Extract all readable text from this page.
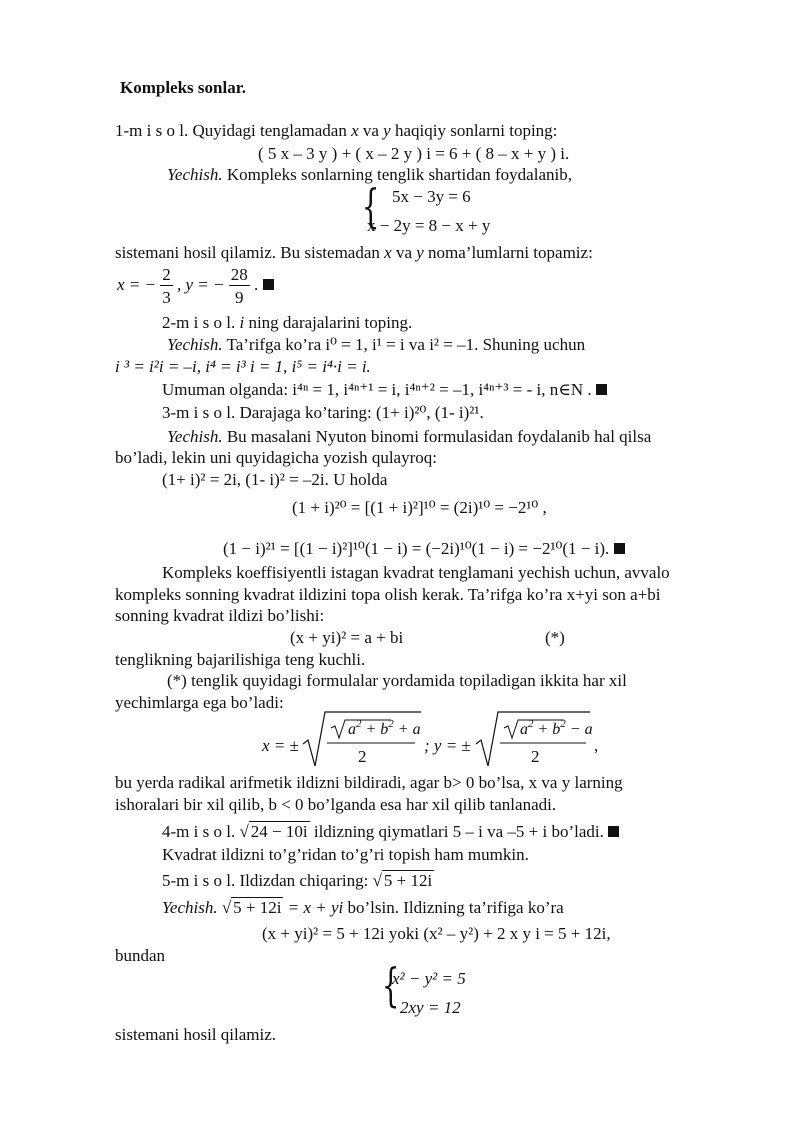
Kompleks sonlar.
1-m i s o l. Quyidagi tenglamadan x va y haqiqiy sonlarni toping:
( 5 x – 3 y ) + ( x – 2 y ) i = 6 + ( 8 – x + y ) i.
Yechish. Kompleks sonlarning tenglik shartidan foydalanib,
{ 5x − 3y = 6
x − 2y = 8 − x + y
sistemani hosil qilamiz. Bu sistemadan x va y noma’lumlarni topamiz:
x = − $\frac{2}{3}$ , y = − $\frac{28}{9}$ .
2-m i s o l. i ning darajalarini toping.
Yechish. Ta’rifga ko’ra i⁰ = 1, i¹ = i va i² = –1. Shuning uchun
i ³ = i²i = –i, i⁴ = i³ i = 1, i⁵ = i⁴·i = i.
Umuman olganda: i⁴ⁿ = 1, i⁴ⁿ⁺¹ = i, i⁴ⁿ⁺² = –1, i⁴ⁿ⁺³ = - i, n∈N .
3-m i s o l. Darajaga ko’taring: (1+ i)²⁰, (1- i)²¹.
Yechish. Bu masalani Nyuton binomi formulasidan foydalanib hal qilsa
bo’ladi, lekin uni quyidagicha yozish qulayroq:
(1+ i)² = 2i, (1- i)² = –2i. U holda
(1 + i)²⁰ = [(1 + i)²]¹⁰ = (2i)¹⁰ = −2¹⁰ ,
(1 − i)²¹ = [(1 − i)²]¹⁰(1 − i) = (−2i)¹⁰(1 − i) = −2¹⁰(1 − i).
Kompleks koeffisiyentli istagan kvadrat tenglamani yechish uchun, avvalo
kompleks sonning kvadrat ildizini topa olish kerak. Ta’rifga ko’ra x+yi son a+bi
sonning kvadrat ildizi bo’lishi:
(x + yi)² = a + bi	(*)
tenglikning bajarilishiga teng kuchli.
(*) tenglik quyidagi formulalar yordamida topiladigan ikkita har xil
yechimlarga ega bo’ladi:
x = ±
$a^2 + b^2 + a$
2
; y = ±
$a^2 + b^2 - a$
2
,
bu yerda radikal arifmetik ildizni bildiradi, agar b> 0 bo’lsa, x va y larning
ishoralari bir xil qilib, b < 0 bo’lganda esa har xil qilib tanlanadi.
4-m i s o l. √ 24 − 10i ildizning qiymatlari 5 – i va –5 + i bo’ladi.
Kvadrat ildizni to’g’ridan to’g’ri topish ham mumkin.
5-m i s o l. Ildizdan chiqaring: √ 5 + 12i
Yechish. √ 5 + 12i = x + yi bo’lsin. Ildizning ta’rifiga ko’ra
(x + yi)² = 5 + 12i yoki (x² – y²) + 2 x y i = 5 + 12i,
bundan
{
x² − y² = 5
2xy = 12
sistemani hosil qilamiz.
